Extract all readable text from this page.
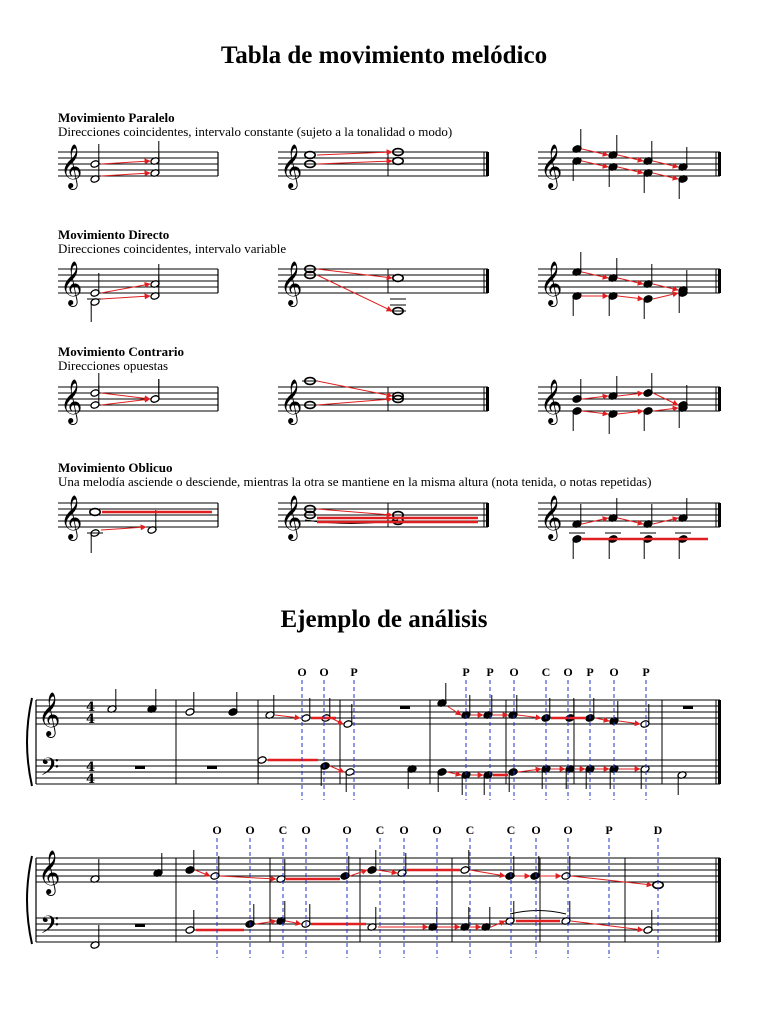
Tabla de movimiento melódico
Movimiento Paralelo
Direcciones coincidentes, intervalo constante (sujeto a la tonalidad o modo)
Movimiento Directo
Direcciones coincidentes, intervalo variable
Movimiento Contrario
Direcciones opuestas
Movimiento Oblicuo
Una melodía asciende o desciende, mientras la otra se mantiene en la misma altura (nota tenida, o notas repetidas)
Ejemplo de análisis
𝄞	𝄞	𝄞
𝄞	𝄞	𝄞
𝄞	𝄞	𝄞
𝄞	𝄞	𝄞
𝄞
𝄢
4
4
4
4
𝄞
𝄢
O O P	P P O C O P O P
O O C O	O C O O C	C O O	P	D
